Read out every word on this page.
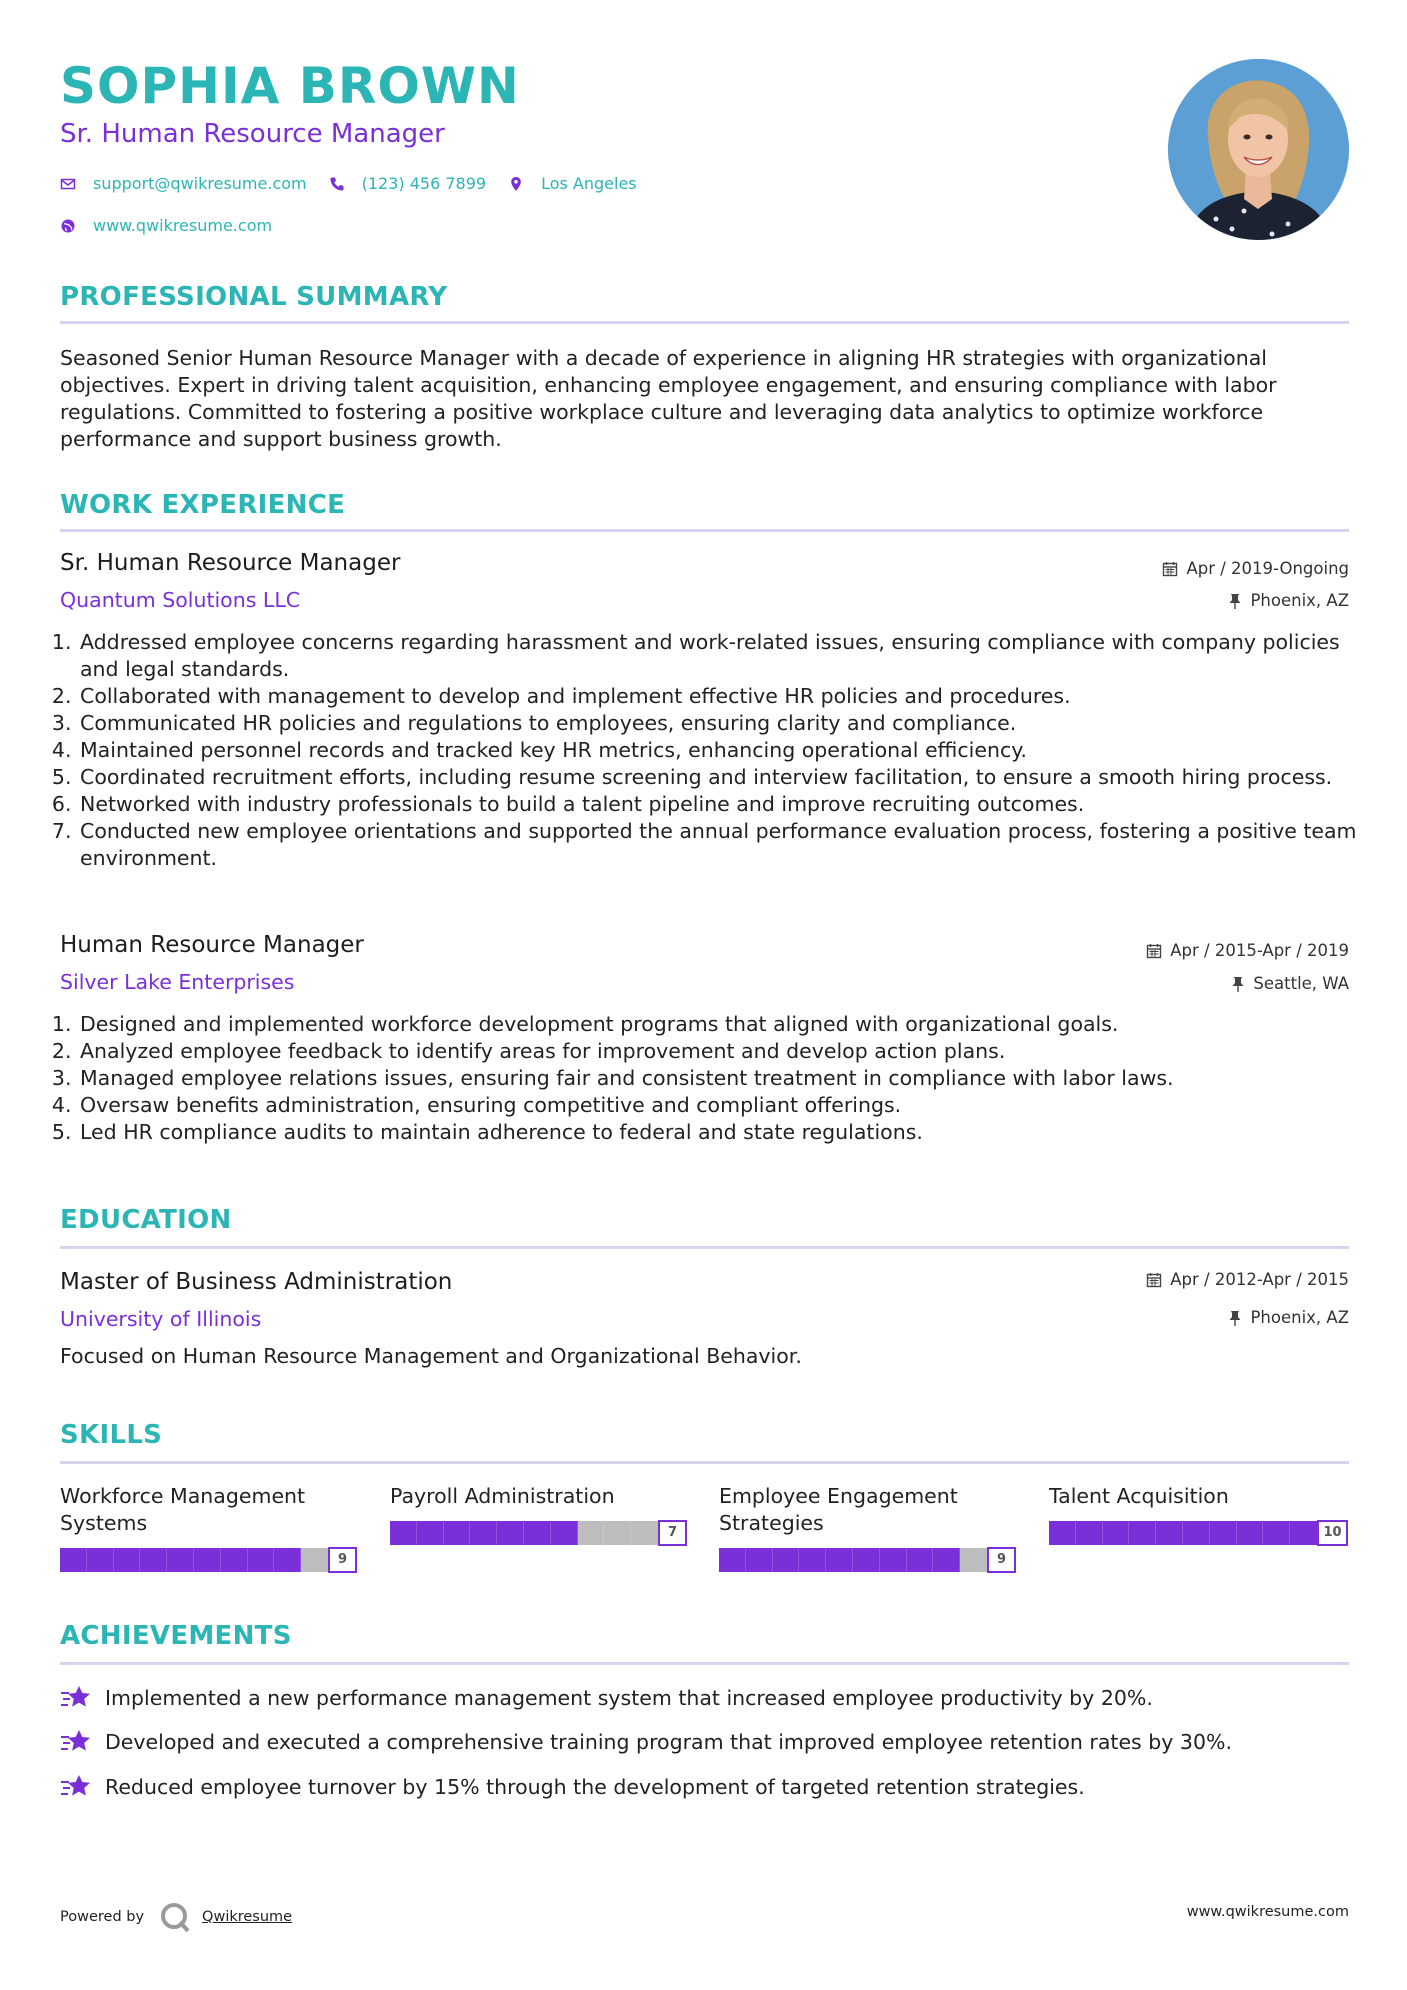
SOPHIA BROWN
Sr. Human Resource Manager
support@qwikresume.com	(123) 456 7899	Los Angeles
www.qwikresume.com
PROFESSIONAL SUMMARY

Seasoned Senior Human Resource Manager with a decade of experience in aligning HR strategies with organizational objectives. Expert in driving talent acquisition, enhancing employee engagement, and ensuring compliance with labor regulations. Committed to fostering a positive workplace culture and leveraging data analytics to optimize workforce performance and support business growth.

WORK EXPERIENCE
Sr. Human Resource Manager
Quantum Solutions LLC
Apr / 2019-Ongoing
Phoenix, AZ
1. Addressed employee concerns regarding harassment and work-related issues, ensuring compliance with company policies and legal standards.
2. Collaborated with management to develop and implement effective HR policies and procedures.
3. Communicated HR policies and regulations to employees, ensuring clarity and compliance.
4. Maintained personnel records and tracked key HR metrics, enhancing operational efficiency.
5. Coordinated recruitment efforts, including resume screening and interview facilitation, to ensure a smooth hiring process.
6. Networked with industry professionals to build a talent pipeline and improve recruiting outcomes.
7. Conducted new employee orientations and supported the annual performance evaluation process, fostering a positive team environment.
Human Resource Manager
Silver Lake Enterprises
Apr / 2015-Apr / 2019
Seattle, WA
1. Designed and implemented workforce development programs that aligned with organizational goals.
2. Analyzed employee feedback to identify areas for improvement and develop action plans.
3. Managed employee relations issues, ensuring fair and consistent treatment in compliance with labor laws.
4. Oversaw benefits administration, ensuring competitive and compliant offerings.
5. Led HR compliance audits to maintain adherence to federal and state regulations.
EDUCATION
Master of Business Administration
University of Illinois
Apr / 2012-Apr / 2015
Phoenix, AZ

Focused on Human Resource Management and Organizational Behavior.

SKILLS
Workforce Management Systems
9
Payroll Administration
7
Employee Engagement Strategies
9
Talent Acquisition
10
ACHIEVEMENTS
Implemented a new performance management system that increased employee productivity by 20%.
Developed and executed a comprehensive training program that improved employee retention rates by 30%.
Reduced employee turnover by 15% through the development of targeted retention strategies.
Powered by	Qwikresume	www.qwikresume.com
